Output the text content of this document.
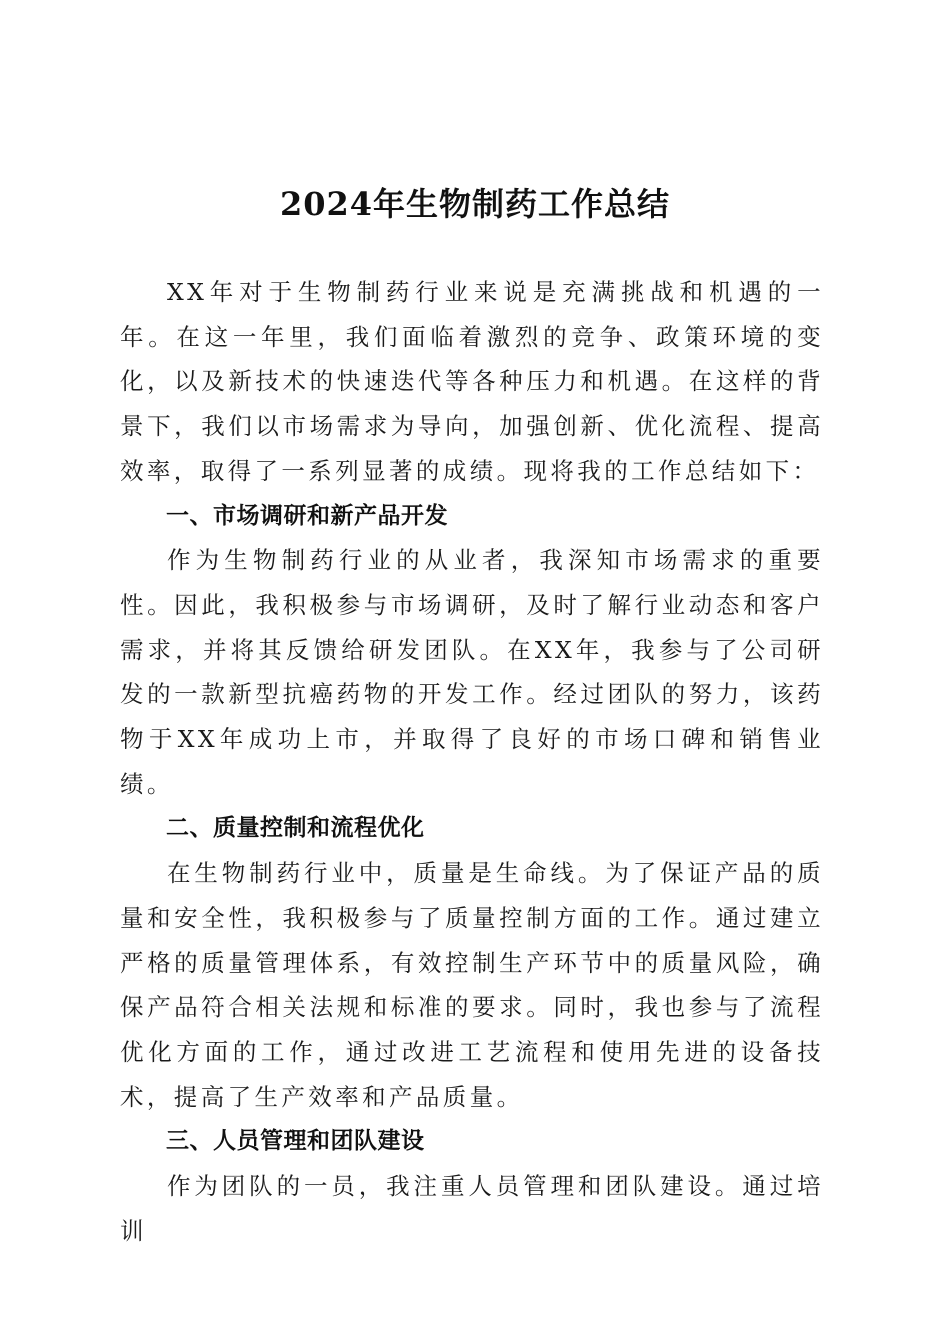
2024年生物制药工作总结

XX年对于生物制药行业来说是充满挑战和机遇的一年。在这一年里，我们面临着激烈的竞争、政策环境的变化，以及新技术的快速迭代等各种压力和机遇。在这样的背景下，我们以市场需求为导向，加强创新、优化流程、提高效率，取得了一系列显著的成绩。现将我的工作总结如下：

一、市场调研和新产品开发

作为生物制药行业的从业者，我深知市场需求的重要性。因此，我积极参与市场调研，及时了解行业动态和客户需求，并将其反馈给研发团队。在XX年，我参与了公司研发的一款新型抗癌药物的开发工作。经过团队的努力，该药物于XX年成功上市，并取得了良好的市场口碑和销售业绩。

二、质量控制和流程优化

在生物制药行业中，质量是生命线。为了保证产品的质量和安全性，我积极参与了质量控制方面的工作。通过建立严格的质量管理体系，有效控制生产环节中的质量风险，确保产品符合相关法规和标准的要求。同时，我也参与了流程优化方面的工作，通过改进工艺流程和使用先进的设备技术，提高了生产效率和产品质量。

三、人员管理和团队建设

作为团队的一员，我注重人员管理和团队建设。通过培训
